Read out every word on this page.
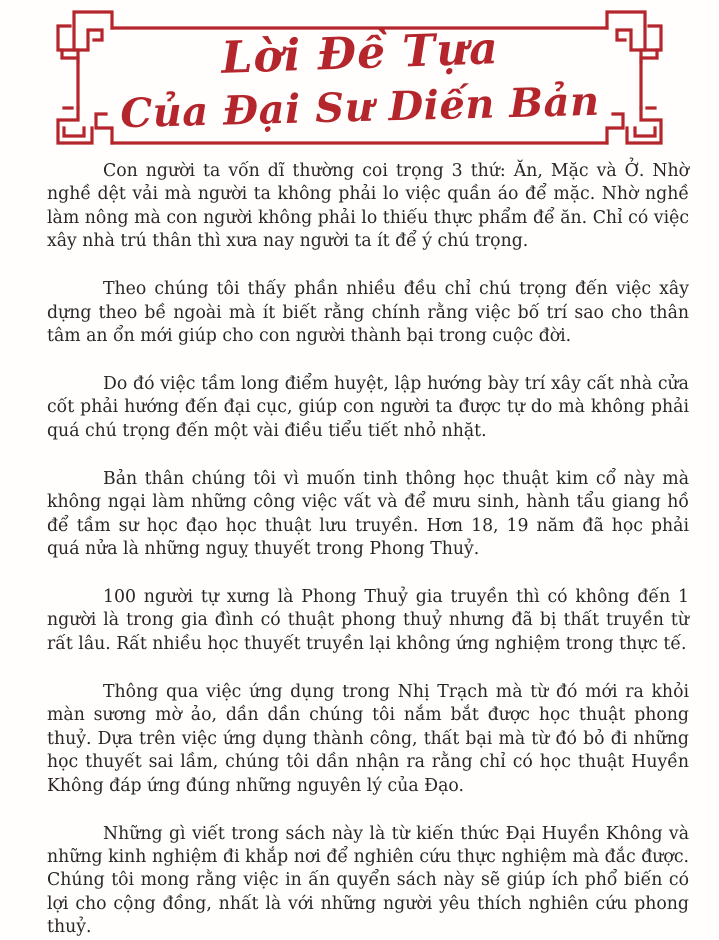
Lời Đề Tựa
Của Đại Sư Diến Bản

Con người ta vốn dĩ thường coi trọng 3 thứ: Ăn, Mặc và Ở. Nhờ nghề dệt vải mà người ta không phải lo việc quần áo để mặc. Nhờ nghề làm nông mà con người không phải lo thiếu thực phẩm để ăn. Chỉ có việc xây nhà trú thân thì xưa nay người ta ít để ý chú trọng.

Theo chúng tôi thấy phần nhiều đều chỉ chú trọng đến việc xây dựng theo bề ngoài mà ít biết rằng chính rằng việc bố trí sao cho thân tâm an ổn mới giúp cho con người thành bại trong cuộc đời.

Do đó việc tầm long điểm huyệt, lập hướng bày trí xây cất nhà cửa cốt phải hướng đến đại cục, giúp con người ta được tự do mà không phải quá chú trọng đến một vài điều tiểu tiết nhỏ nhặt.

Bản thân chúng tôi vì muốn tinh thông học thuật kim cổ này mà không ngại làm những công việc vất và để mưu sinh, hành tẩu giang hồ để tầm sư học đạo học thuật lưu truyền. Hơn 18, 19 năm đã học phải quá nửa là những nguỵ thuyết trong Phong Thuỷ.

100 người tự xưng là Phong Thuỷ gia truyền thì có không đến 1 người là trong gia đình có thuật phong thuỷ nhưng đã bị thất truyền từ rất lâu. Rất nhiều học thuyết truyền lại không ứng nghiệm trong thực tế.

Thông qua việc ứng dụng trong Nhị Trạch mà từ đó mới ra khỏi màn sương mờ ảo, dần dần chúng tôi nắm bắt được học thuật phong thuỷ. Dựa trên việc ứng dụng thành công, thất bại mà từ đó bỏ đi những học thuyết sai lầm, chúng tôi dần nhận ra rằng chỉ có học thuật Huyền Không đáp ứng đúng những nguyên lý của Đạo.

Những gì viết trong sách này là từ kiến thức Đại Huyền Không và những kinh nghiệm đi khắp nơi để nghiên cứu thực nghiệm mà đắc được. Chúng tôi mong rằng việc in ấn quyển sách này sẽ giúp ích phổ biến có lợi cho cộng đồng, nhất là với những người yêu thích nghiên cứu phong thuỷ.
